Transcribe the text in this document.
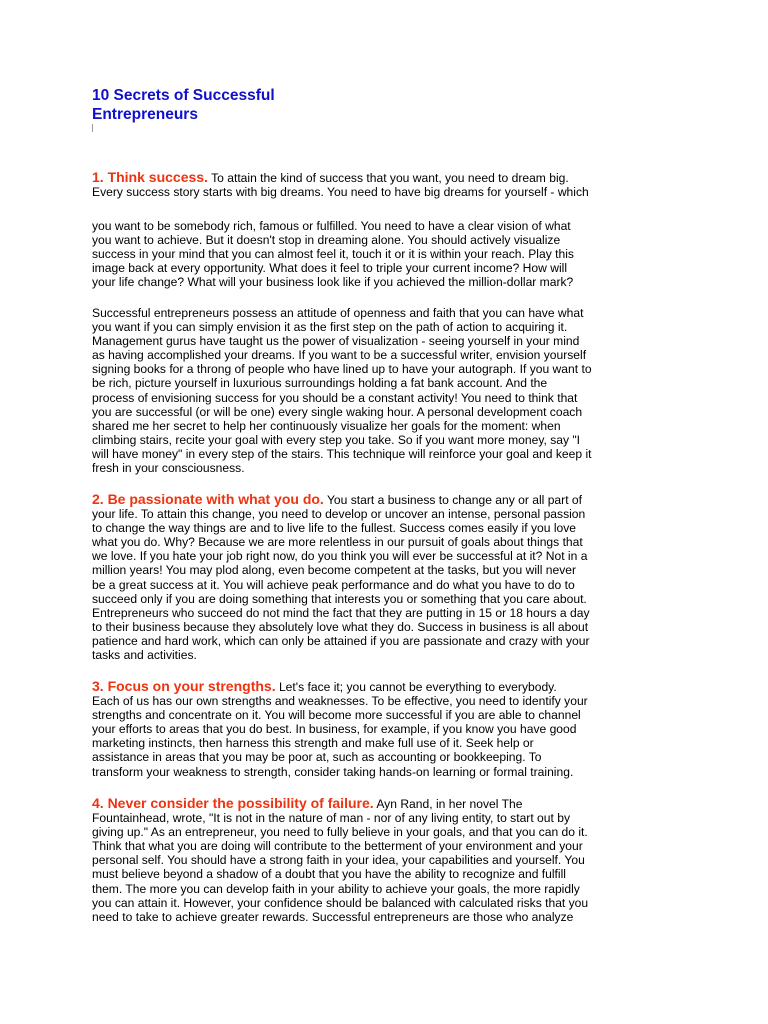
10 Secrets of Successful
Entrepreneurs

1. Think success. To attain the kind of success that you want, you need to dream big.
Every success story starts with big dreams. You need to have big dreams for yourself - which

you want to be somebody rich, famous or fulfilled. You need to have a clear vision of what
you want to achieve. But it doesn't stop in dreaming alone. You should actively visualize
success in your mind that you can almost feel it, touch it or it is within your reach. Play this
image back at every opportunity. What does it feel to triple your current income? How will
your life change? What will your business look like if you achieved the million-dollar mark?

Successful entrepreneurs possess an attitude of openness and faith that you can have what
you want if you can simply envision it as the first step on the path of action to acquiring it.
Management gurus have taught us the power of visualization - seeing yourself in your mind
as having accomplished your dreams. If you want to be a successful writer, envision yourself
signing books for a throng of people who have lined up to have your autograph. If you want to
be rich, picture yourself in luxurious surroundings holding a fat bank account. And the
process of envisioning success for you should be a constant activity! You need to think that
you are successful (or will be one) every single waking hour. A personal development coach
shared me her secret to help her continuously visualize her goals for the moment: when
climbing stairs, recite your goal with every step you take. So if you want more money, say "I
will have money" in every step of the stairs. This technique will reinforce your goal and keep it
fresh in your consciousness.

2. Be passionate with what you do. You start a business to change any or all part of
your life. To attain this change, you need to develop or uncover an intense, personal passion
to change the way things are and to live life to the fullest. Success comes easily if you love
what you do. Why? Because we are more relentless in our pursuit of goals about things that
we love. If you hate your job right now, do you think you will ever be successful at it? Not in a
million years! You may plod along, even become competent at the tasks, but you will never
be a great success at it. You will achieve peak performance and do what you have to do to
succeed only if you are doing something that interests you or something that you care about.
Entrepreneurs who succeed do not mind the fact that they are putting in 15 or 18 hours a day
to their business because they absolutely love what they do. Success in business is all about
patience and hard work, which can only be attained if you are passionate and crazy with your
tasks and activities.

3. Focus on your strengths. Let's face it; you cannot be everything to everybody.
Each of us has our own strengths and weaknesses. To be effective, you need to identify your
strengths and concentrate on it. You will become more successful if you are able to channel
your efforts to areas that you do best. In business, for example, if you know you have good
marketing instincts, then harness this strength and make full use of it. Seek help or
assistance in areas that you may be poor at, such as accounting or bookkeeping. To
transform your weakness to strength, consider taking hands-on learning or formal training.

4. Never consider the possibility of failure. Ayn Rand, in her novel The
Fountainhead, wrote, "It is not in the nature of man - nor of any living entity, to start out by
giving up." As an entrepreneur, you need to fully believe in your goals, and that you can do it.
Think that what you are doing will contribute to the betterment of your environment and your
personal self. You should have a strong faith in your idea, your capabilities and yourself. You
must believe beyond a shadow of a doubt that you have the ability to recognize and fulfill
them. The more you can develop faith in your ability to achieve your goals, the more rapidly
you can attain it. However, your confidence should be balanced with calculated risks that you
need to take to achieve greater rewards. Successful entrepreneurs are those who analyze
